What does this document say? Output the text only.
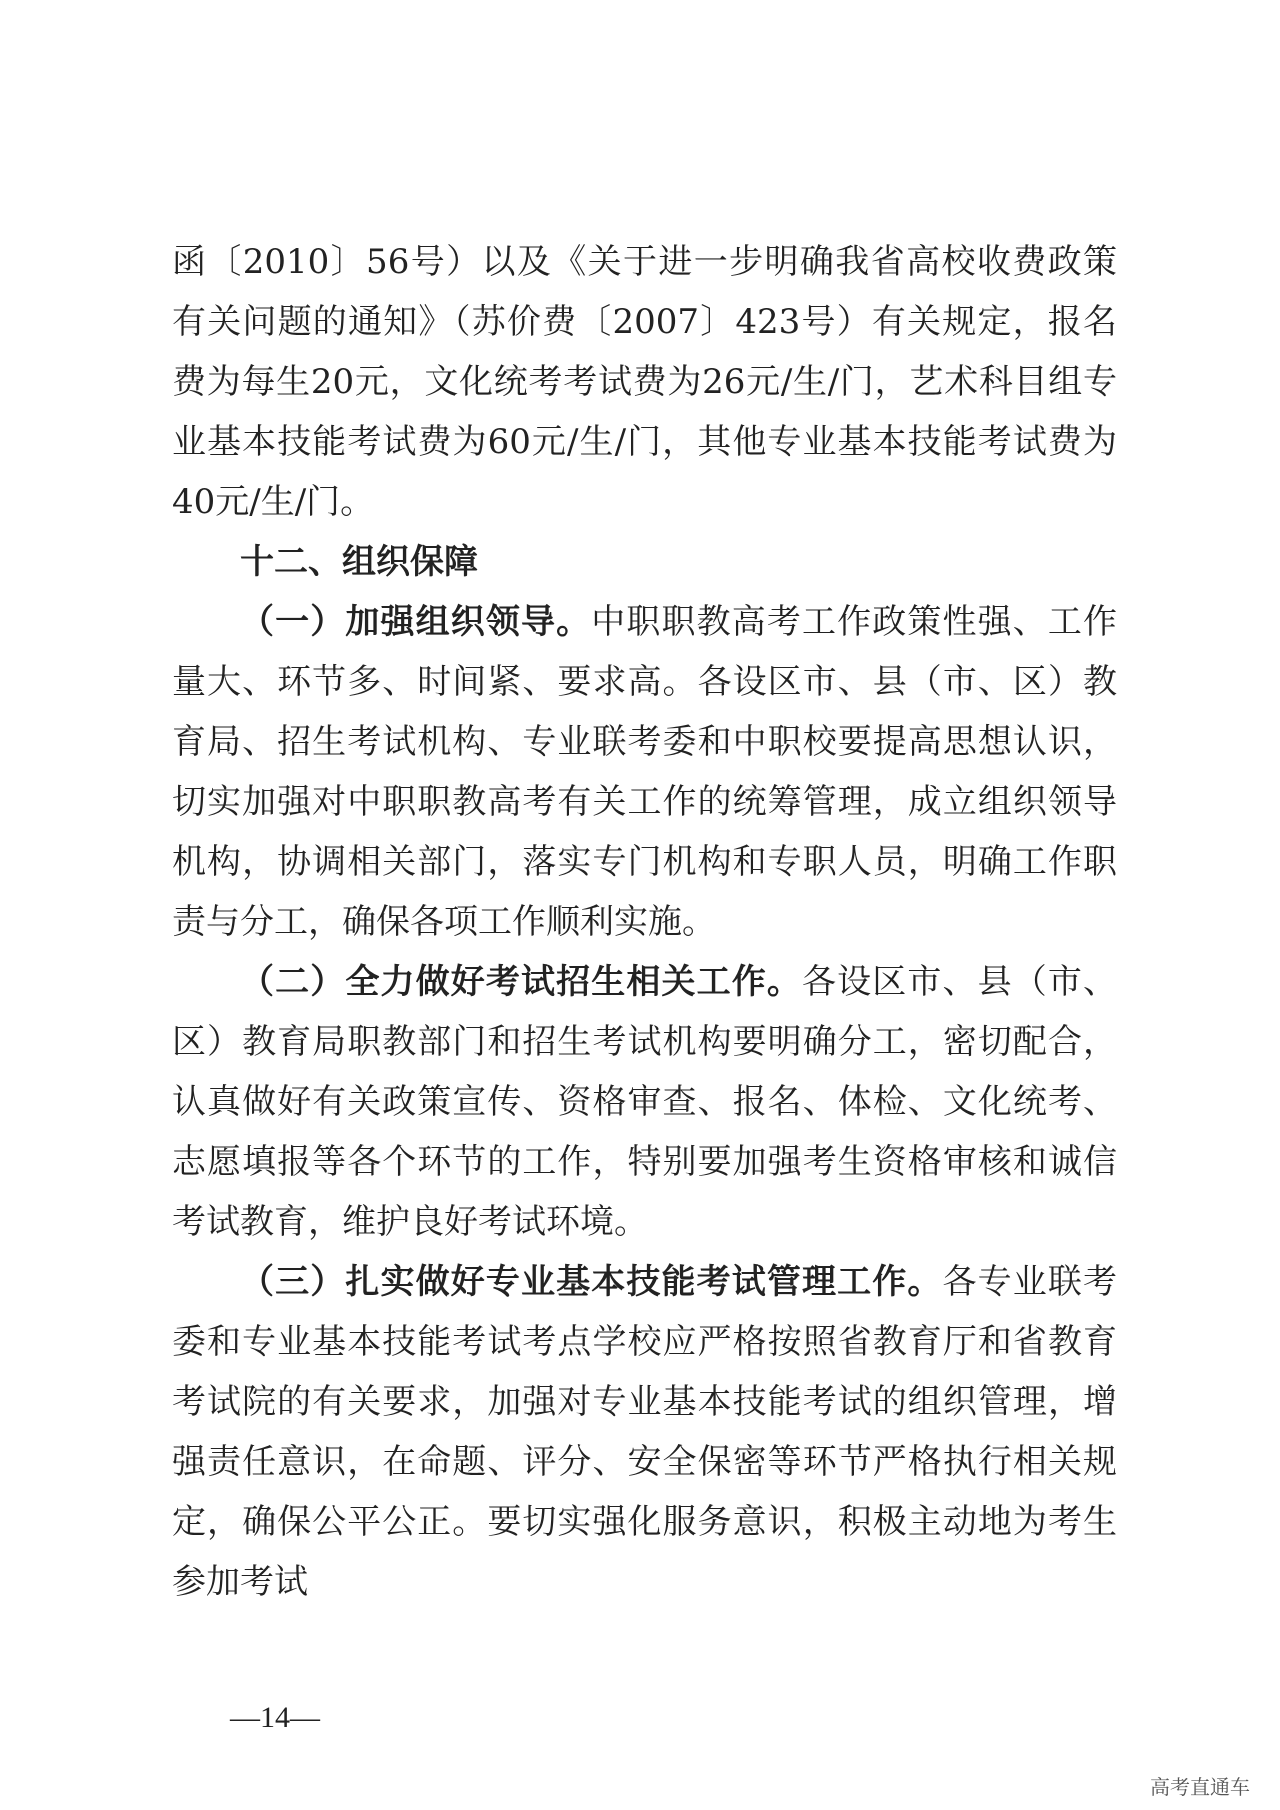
函〔2010〕56号）以及《关于进一步明确我省高校收费政策有关问题的通知》（苏价费〔2007〕423号）有关规定，报名费为每生20元，文化统考考试费为26元/生/门，艺术科目组专业基本技能考试费为60元/生/门，其他专业基本技能考试费为40元/生/门。

十二、组织保障

（一）加强组织领导。中职职教高考工作政策性强、工作量大、环节多、时间紧、要求高。各设区市、县（市、区）教育局、招生考试机构、专业联考委和中职校要提高思想认识，切实加强对中职职教高考有关工作的统筹管理，成立组织领导机构，协调相关部门，落实专门机构和专职人员，明确工作职责与分工，确保各项工作顺利实施。

（二）全力做好考试招生相关工作。各设区市、县（市、区）教育局职教部门和招生考试机构要明确分工，密切配合，认真做好有关政策宣传、资格审查、报名、体检、文化统考、志愿填报等各个环节的工作，特别要加强考生资格审核和诚信考试教育，维护良好考试环境。

（三）扎实做好专业基本技能考试管理工作。各专业联考委和专业基本技能考试考点学校应严格按照省教育厅和省教育考试院的有关要求，加强对专业基本技能考试的组织管理，增强责任意识，在命题、评分、安全保密等环节严格执行相关规定，确保公平公正。要切实强化服务意识，积极主动地为考生参加考试

—14—
高考直通车
